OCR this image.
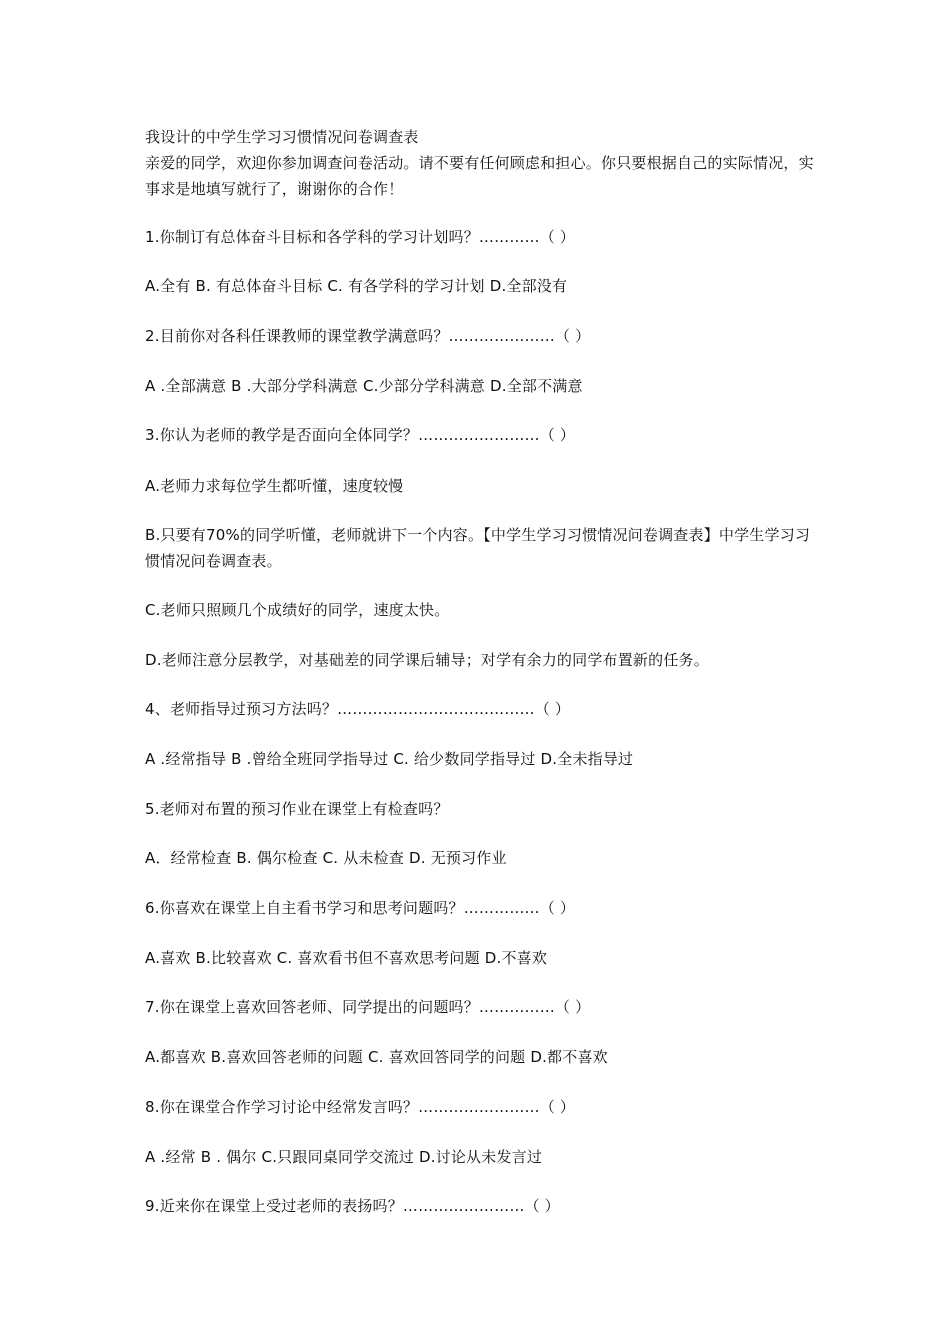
我设计的中学生学习习惯情况问卷调查表
亲爱的同学，欢迎你参加调查问卷活动。请不要有任何顾虑和担心。你只要根据自己的实际情况，实事求是地填写就行了，谢谢你的合作！
1.你制订有总体奋斗目标和各学科的学习计划吗？…………（ ）
A.全有 B. 有总体奋斗目标 C. 有各学科的学习计划 D.全部没有
2.目前你对各科任课教师的课堂教学满意吗？…………………（ ）
A .全部满意 B .大部分学科满意 C.少部分学科满意 D.全部不满意
3.你认为老师的教学是否面向全体同学？……………………（ ）
A.老师力求每位学生都听懂，速度较慢
B.只要有70%的同学听懂，老师就讲下一个内容。【中学生学习习惯情况问卷调查表】中学生学习习惯情况问卷调查表。
C.老师只照顾几个成绩好的同学，速度太快。
D.老师注意分层教学，对基础差的同学课后辅导；对学有余力的同学布置新的任务。
4、老师指导过预习方法吗？…………………………………（ ）
A .经常指导 B .曾给全班同学指导过 C. 给少数同学指导过 D.全未指导过
5.老师对布置的预习作业在课堂上有检查吗？
A．经常检查 B. 偶尔检查 C. 从未检查 D. 无预习作业
6.你喜欢在课堂上自主看书学习和思考问题吗？……………（ ）
A.喜欢 B.比较喜欢 C. 喜欢看书但不喜欢思考问题 D.不喜欢
7.你在课堂上喜欢回答老师、同学提出的问题吗？……………（ ）
A.都喜欢 B.喜欢回答老师的问题 C. 喜欢回答同学的问题 D.都不喜欢
8.你在课堂合作学习讨论中经常发言吗？……………………（ ）
A .经常 B . 偶尔 C.只跟同桌同学交流过 D.讨论从未发言过
9.近来你在课堂上受过老师的表扬吗？……………………（ ）
